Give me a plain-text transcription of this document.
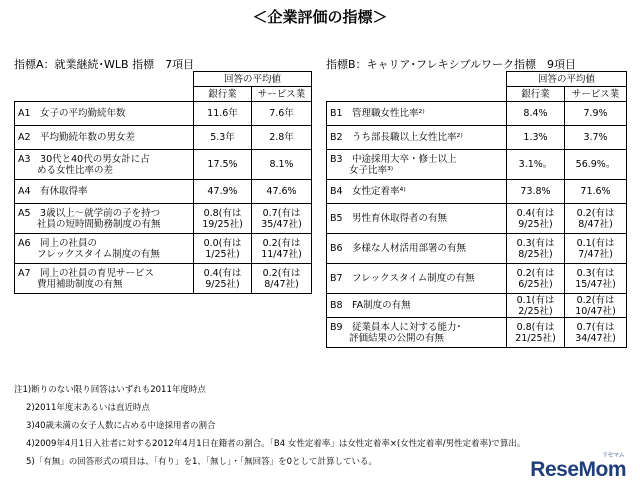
＜企業評価の指標＞
指標A：就業継続･WLB 指標　7項目	指標B：キャリア･フレキシブルワーク指標　9項目
	回答の平均値	
	銀行業	サービス業
A1　女子の平均勤続年数	11.6年	7.6年
A2　平均勤続年数の男女差	5.3年	2.8年

A3　30代と40代の男女計に占
　　める女性比率の差	17.5%	8.1%
A4　有休取得率	47.9%	47.6%

A5　3歳以上～就学前の子を持つ
　　社員の短時間勤務制度の有無	0.8(有は
19/25社)	0.7(有は
35/47社)

A6　同上の社員の
　　フレックスタイム制度の有無	0.0(有は
1/25社)	0.2(有は
11/47社)

A7　同上の社員の育児サービス
　　費用補助制度の有無	0.4(有は
9/25社)	0.2(有は
8/47社)
	回答の平均値	
	銀行業	サービス業
B1　管理職女性比率²⁾	8.4%	7.9%
B2　うち部長職以上女性比率²⁾	1.3%	3.7%

B3　中途採用大卒・修士以上
　　女子比率³⁾	3.1%。	56.9%。
B4　女性定着率⁴⁾	73.8%	71.6%
B5　男性育休取得者の有無	0.4(有は
9/25社)	0.2(有は
8/47社)

B6　多様な人材活用部署の有無	0.3(有は
8/25社)	0.1(有は
7/47社)

B7　フレックスタイム制度の有無	0.2(有は
6/25社)	0.3(有は
15/47社)

B8　FA制度の有無	0.1(有は
2/25社)	0.2(有は
10/47社)

B9　従業員本人に対する能力･
　　評価結果の公開の有無	0.8(有は
21/25社)	0.7(有は
34/47社)
注1)断りのない限り回答はいずれも2011年度時点
2)2011年度末あるいは直近時点
3)40歳未満の女子人数に占める中途採用者の割合
4)2009年4月1日入社者に対する2012年4月1日在籍者の割合。「B4 女性定着率」は女性定着率×(女性定着率/男性定着率)で算出。
5)「有無」の回答形式の項目は、「有り」を1、「無し」・「無回答」を0として計算している。	ReseMom
リセマム
